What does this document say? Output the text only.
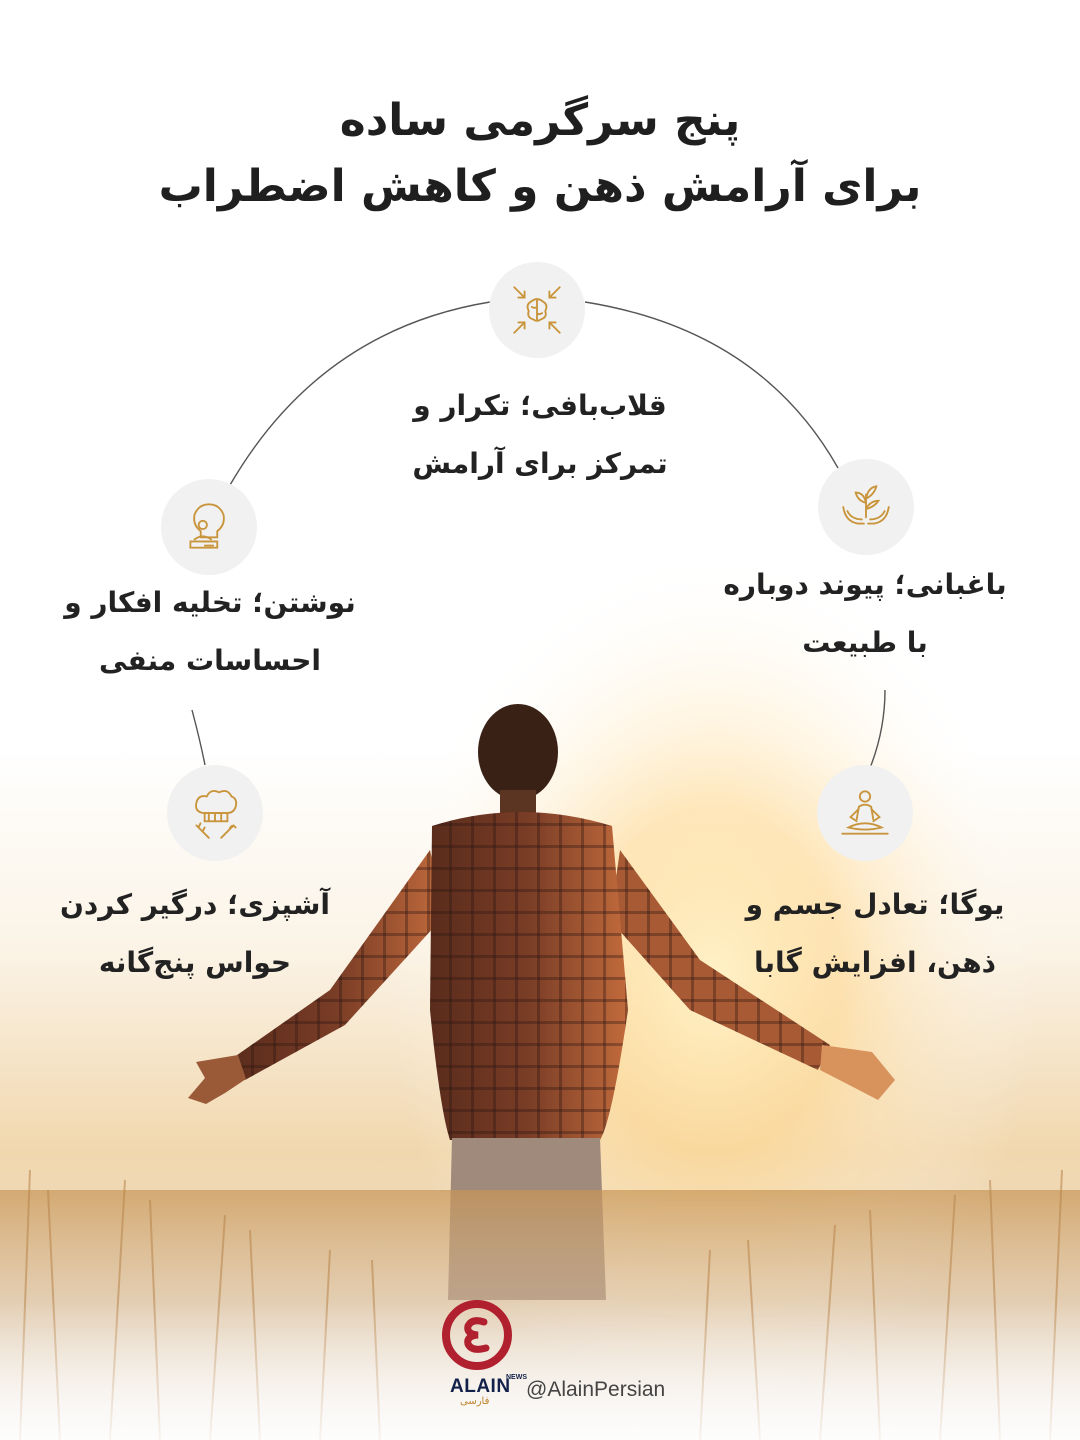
پنج سرگرمی ساده
برای آرامش ذهن و کاهش اضطراب
قلاب‌بافی؛ تکرار و
تمرکز برای آرامش
باغبانی؛ پیوند دوباره
با طبیعت
یوگا؛ تعادل جسم و
ذهن، افزایش گابا
آشپزی؛ درگیر کردن
حواس پنج‌گانه
نوشتن؛ تخلیه افکار و
احساسات منفی
ALAIN
NEWS
فارسی
@AlainPersian
